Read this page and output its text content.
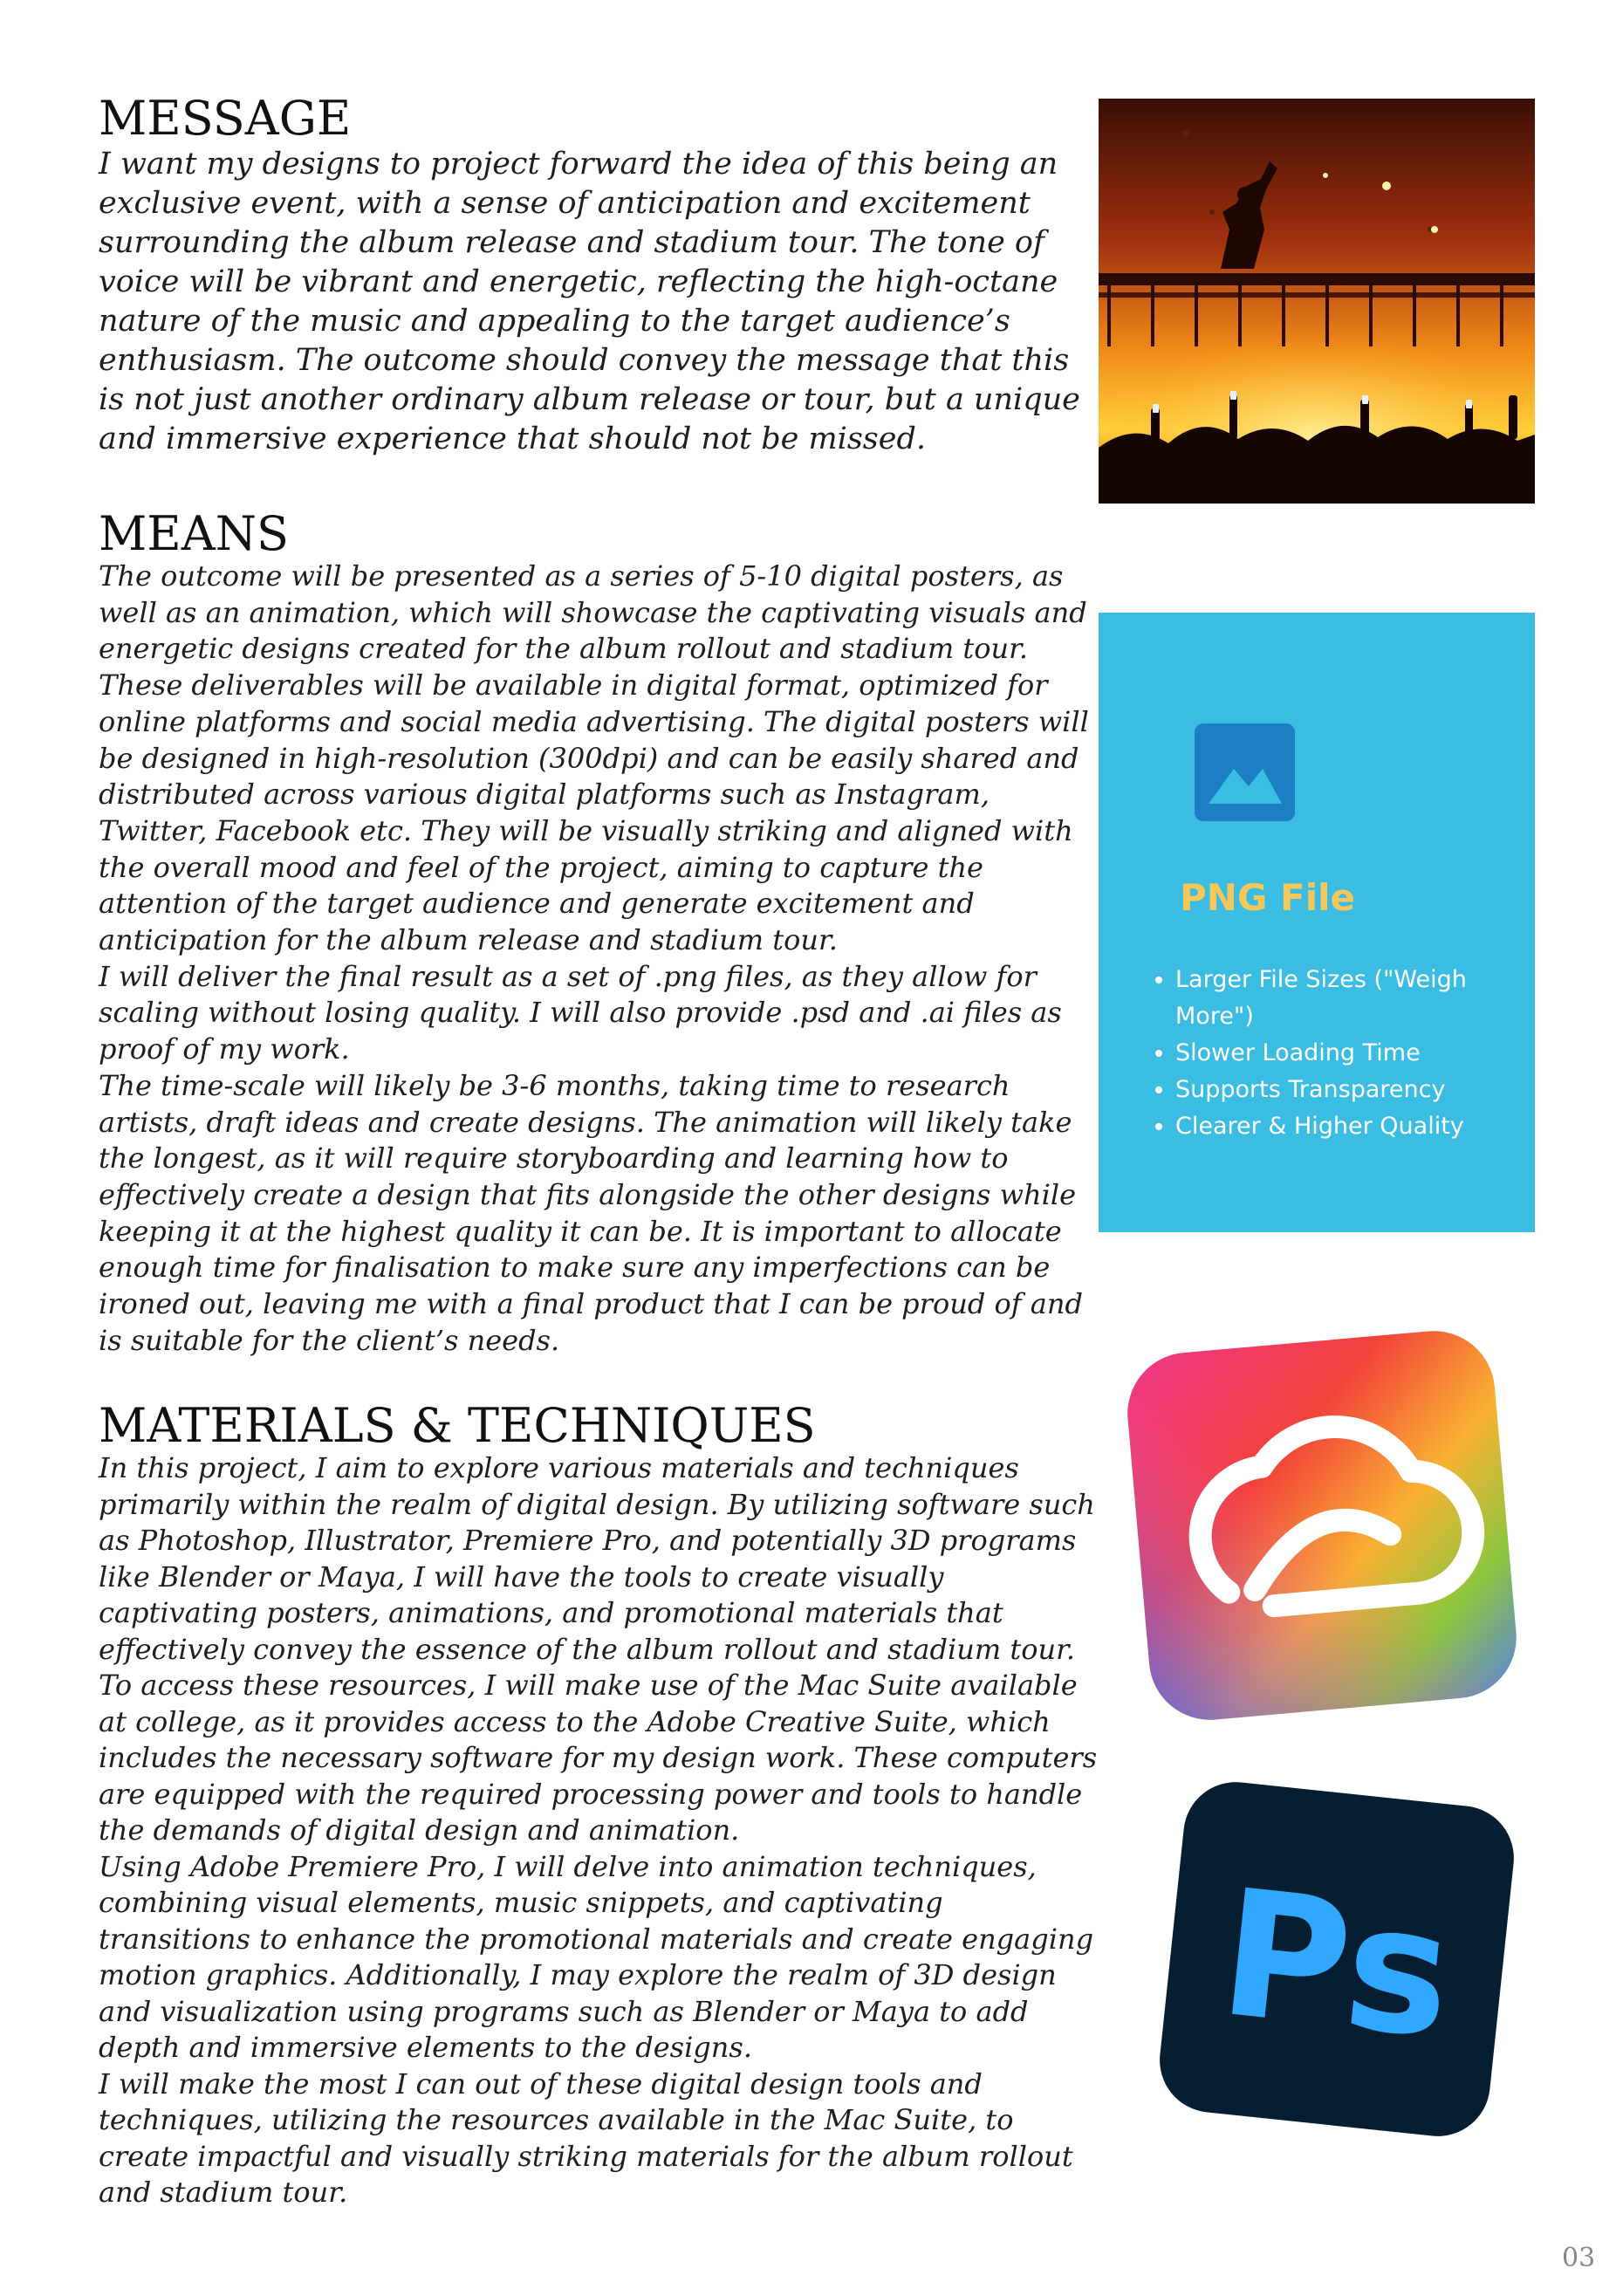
MESSAGE

I want my designs to project forward the idea of this being an exclusive event, with a sense of anticipation and excitement surrounding the album release and stadium tour. The tone of voice will be vibrant and energetic, reflecting the high-octane nature of the music and appealing to the target audience’s enthusiasm. The outcome should convey the message that this is not just another ordinary album release or tour, but a unique and immersive experience that should not be missed.

MEANS
The outcome will be presented as a series of 5-10 digital posters, as well as an animation, which will showcase the captivating visuals and energetic designs created for the album rollout and stadium tour. These deliverables will be available in digital format, optimized for online platforms and social media advertising. The digital posters will be designed in high-resolution (300dpi) and can be easily shared and distributed across various digital platforms such as Instagram, Twitter, Facebook etc. They will be visually striking and aligned with the overall mood and feel of the project, aiming to capture the attention of the target audience and generate excitement and anticipation for the album release and stadium tour.
I will deliver the final result as a set of .png files, as they allow for scaling without losing quality. I will also provide .psd and .ai files as proof of my work.
The time-scale will likely be 3-6 months, taking time to research artists, draft ideas and create designs. The animation will likely take the longest, as it will require storyboarding and learning how to effectively create a design that fits alongside the other designs while keeping it at the highest quality it can be. It is important to allocate enough time for finalisation to make sure any imperfections can be ironed out, leaving me with a final product that I can be proud of and is suitable for the client’s needs.
MATERIALS & TECHNIQUES
In this project, I aim to explore various materials and techniques primarily within the realm of digital design. By utilizing software such as Photoshop, Illustrator, Premiere Pro, and potentially 3D programs like Blender or Maya, I will have the tools to create visually captivating posters, animations, and promotional materials that effectively convey the essence of the album rollout and stadium tour.
To access these resources, I will make use of the Mac Suite available at college, as it provides access to the Adobe Creative Suite, which includes the necessary software for my design work. These computers are equipped with the required processing power and tools to handle the demands of digital design and animation.
Using Adobe Premiere Pro, I will delve into animation techniques, combining visual elements, music snippets, and captivating transitions to enhance the promotional materials and create engaging motion graphics. Additionally, I may explore the realm of 3D design and visualization using programs such as Blender or Maya to add depth and immersive elements to the designs.
I will make the most I can out of these digital design tools and techniques, utilizing the resources available in the Mac Suite, to create impactful and visually striking materials for the album rollout and stadium tour.

PNG File

• Larger File Sizes ("Weigh More")
• Slower Loading Time
• Supports Transparency
• Clearer & Higher Quality
Ps

03
